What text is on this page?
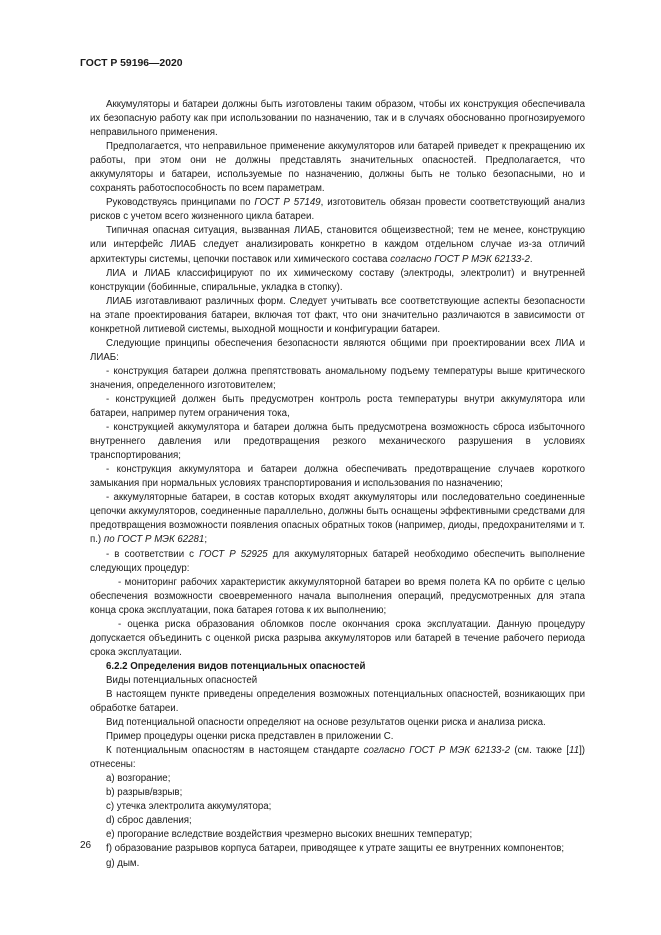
ГОСТ Р 59196—2020

Аккумуляторы и батареи должны быть изготовлены таким образом, чтобы их конструкция обеспечивала их безопасную работу как при использовании по назначению, так и в случаях обоснованно прогнозируемого неправильного применения.

Предполагается, что неправильное применение аккумуляторов или батарей приведет к прекращению их работы, при этом они не должны представлять значительных опасностей. Предполагается, что аккумуляторы и батареи, используемые по назначению, должны быть не только безопасными, но и сохранять работоспособность по всем параметрам.

Руководствуясь принципами по ГОСТ Р 57149, изготовитель обязан провести соответствующий анализ рисков с учетом всего жизненного цикла батареи.

Типичная опасная ситуация, вызванная ЛИАБ, становится общеизвестной; тем не менее, конструкцию или интерфейс ЛИАБ следует анализировать конкретно в каждом отдельном случае из-за отличий архитектуры системы, цепочки поставок или химического состава согласно ГОСТ Р МЭК 62133-2.

ЛИА и ЛИАБ классифицируют по их химическому составу (электроды, электролит) и внутренней конструкции (бобинные, спиральные, укладка в стопку).

ЛИАБ изготавливают различных форм. Следует учитывать все соответствующие аспекты безопасности на этапе проектирования батареи, включая тот факт, что они значительно различаются в зависимости от конкретной литиевой системы, выходной мощности и конфигурации батареи.

Следующие принципы обеспечения безопасности являются общими при проектировании всех ЛИА и ЛИАБ:

- конструкция батареи должна препятствовать аномальному подъему температуры выше критического значения, определенного изготовителем;

- конструкцией должен быть предусмотрен контроль роста температуры внутри аккумулятора или батареи, например путем ограничения тока,

- конструкцией аккумулятора и батареи должна быть предусмотрена возможность сброса избыточного внутреннего давления или предотвращения резкого механического разрушения в условиях транспортирования;

- конструкция аккумулятора и батареи должна обеспечивать предотвращение случаев короткого замыкания при нормальных условиях транспортирования и использования по назначению;

- аккумуляторные батареи, в состав которых входят аккумуляторы или последовательно соединенные цепочки аккумуляторов, соединенные параллельно, должны быть оснащены эффективными средствами для предотвращения возможности появления опасных обратных токов (например, диоды, предохранителями и т. п.) по ГОСТ Р МЭК 62281;

- в соответствии с ГОСТ Р 52925 для аккумуляторных батарей необходимо обеспечить выполнение следующих процедур:

- мониторинг рабочих характеристик аккумуляторной батареи во время полета КА по орбите с целью обеспечения возможности своевременного начала выполнения операций, предусмотренных для этапа конца срока эксплуатации, пока батарея готова к их выполнению;

- оценка риска образования обломков после окончания срока эксплуатации. Данную процедуру допускается объединить с оценкой риска разрыва аккумуляторов или батарей в течение рабочего периода срока эксплуатации.

6.2.2 Определения видов потенциальных опасностей

Виды потенциальных опасностей

В настоящем пункте приведены определения возможных потенциальных опасностей, возникающих при обработке батареи.

Вид потенциальной опасности определяют на основе результатов оценки риска и анализа риска.

Пример процедуры оценки риска представлен в приложении С.

К потенциальным опасностям в настоящем стандарте согласно ГОСТ Р МЭК 62133-2 (см. также [11]) отнесены:

а) возгорание;

b) разрыв/взрыв;

c) утечка электролита аккумулятора;

d) сброс давления;

е) прогорание вследствие воздействия чрезмерно высоких внешних температур;

f) образование разрывов корпуса батареи, приводящее к утрате защиты ее внутренних компонентов;

g) дым.

26
